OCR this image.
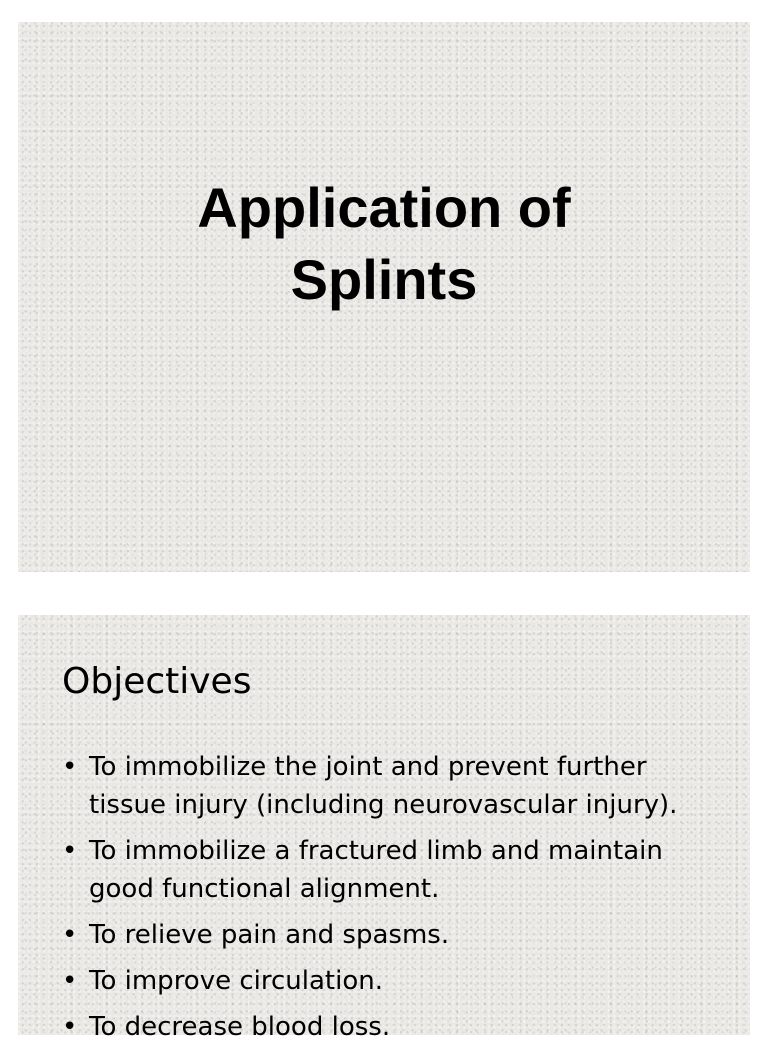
Application of
Splints
Objectives
• To immobilize the joint and prevent further tissue injury (including neurovascular injury).
• To immobilize a fractured limb and maintain good functional alignment.
• To relieve pain and spasms.
• To improve circulation.
• To decrease blood loss.
